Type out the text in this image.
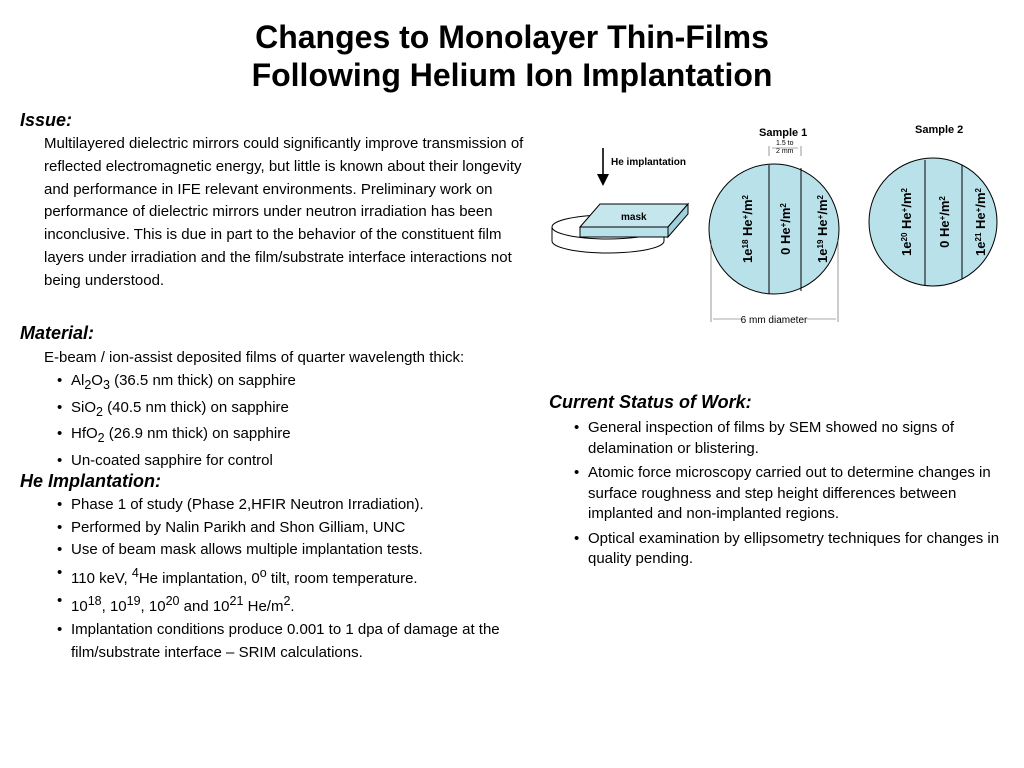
Changes to Monolayer Thin-Films
Following Helium Ion Implantation
Issue:
Multilayered dielectric mirrors could significantly improve transmission of reflected electromagnetic energy, but little is known about their longevity and performance in IFE relevant environments. Preliminary work on performance of dielectric mirrors under neutron irradiation has been inconclusive. This is due in part to the behavior of the constituent film layers under irradiation and the film/substrate interface interactions not being understood.
Material:
E-beam / ion-assist deposited films of quarter wavelength thick:
• $Al_2O_3$ (36.5 nm thick) on sapphire
• SiO$_2$ (40.5 nm thick) on sapphire
• HfO$_2$ (26.9 nm thick) on sapphire
• Un-coated sapphire for control
He Implantation:
• Phase 1 of study (Phase 2,HFIR Neutron Irradiation).
• Performed by Nalin Parikh and Shon Gilliam, UNC
• Use of beam mask allows multiple implantation tests.
• 110 keV, $^4$He implantation, 0$^o$ tilt, room temperature.
• $10^{18}$, $10^{19}$, $10^{20}$ and $10^{21}$ $He/m^2$.
• Implantation conditions produce 0.001 to 1 dpa of damage at the film/substrate interface – SRIM calculations.
Current Status of Work:
• General inspection of films by SEM showed no signs of delamination or blistering.
• Atomic force microscopy carried out to determine changes in surface roughness and step height differences between implanted and non-implanted regions.
• Optical examination by ellipsometry techniques for changes in quality pending.
He implantation
mask
Sample 1
1.5 to
2 mm
$1e^{18}$ $He^+/m^2$
0 $He^+/m^2$
$1e^{19}$ $He^+/m^2$
6 mm diameter
Sample 2
$1e^{20}$ $He^+/m^2$
0 $He^+/m^2$
$1e^{21}$ $He^+/m^2$
